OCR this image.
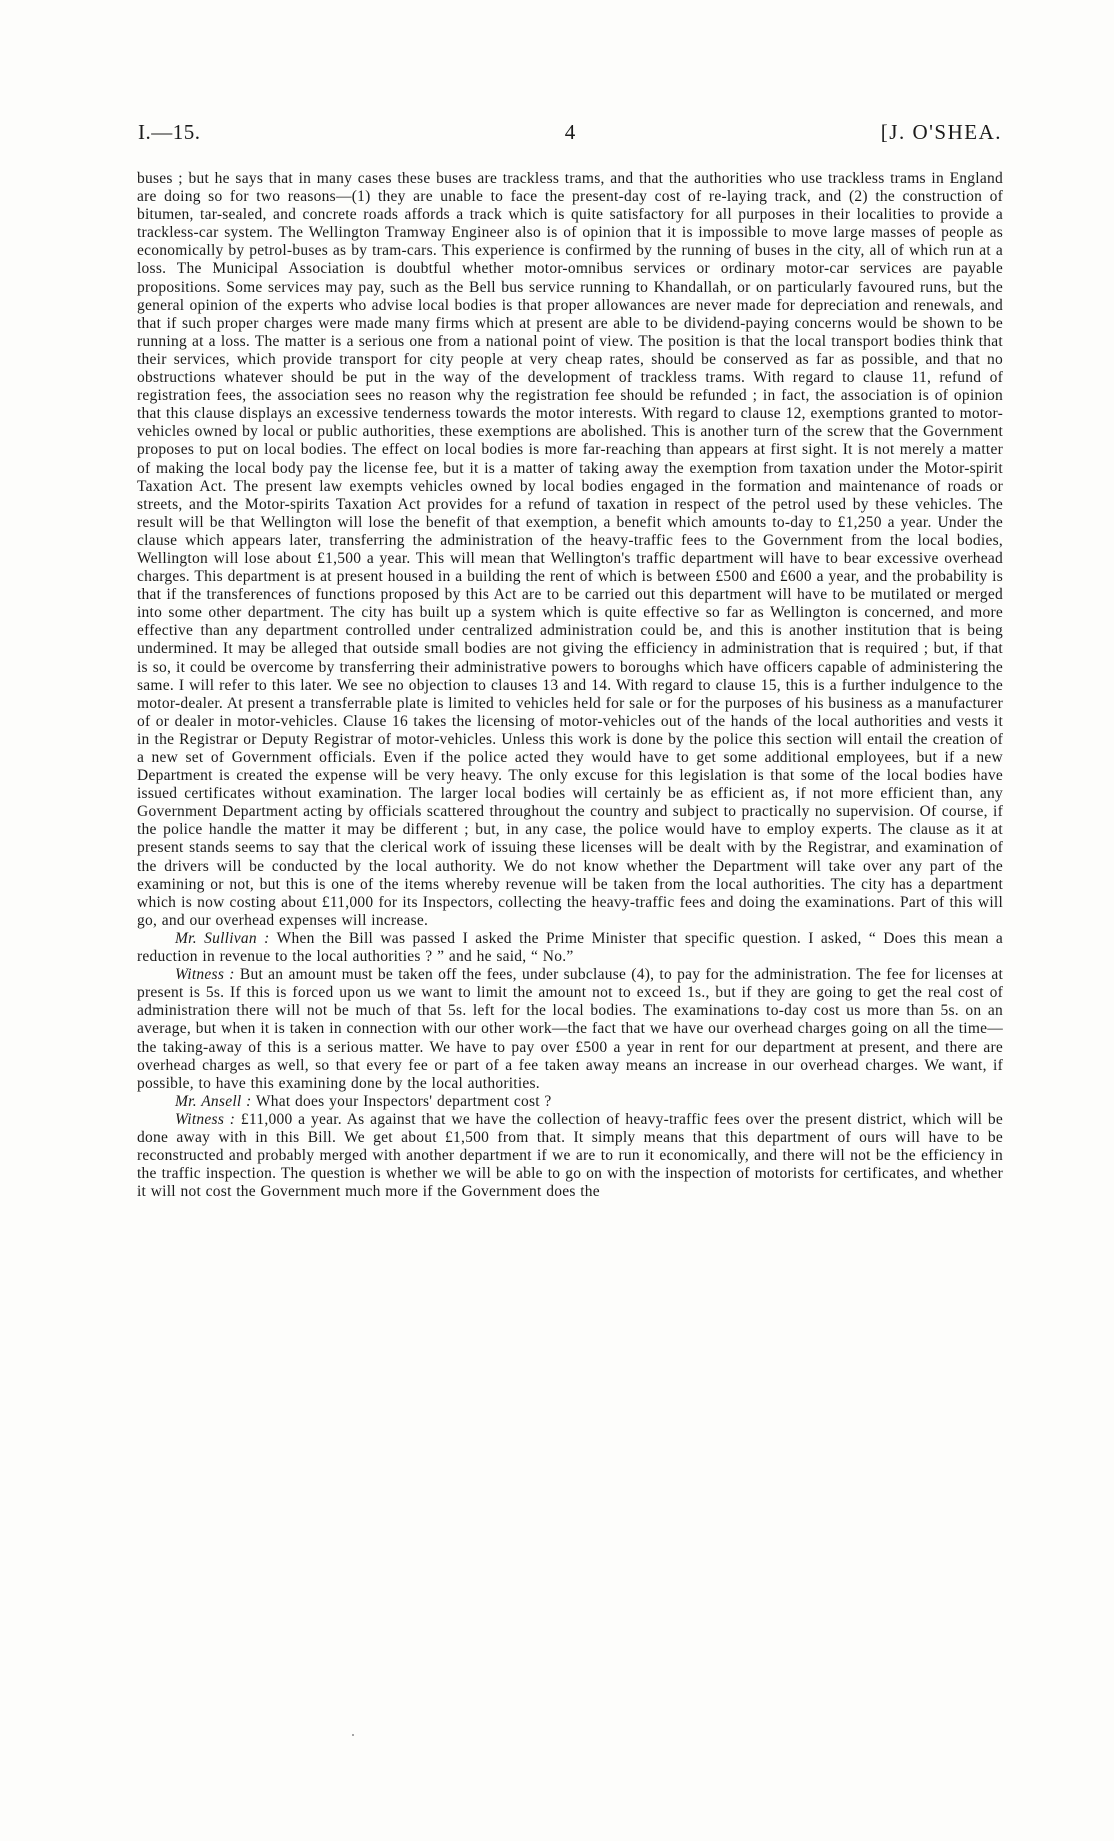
I.—15.	4	[J. O'SHEA.

buses ; but he says that in many cases these buses are trackless trams, and that the authorities who use trackless trams in England are doing so for two reasons—(1) they are unable to face the present-day cost of re-laying track, and (2) the construction of bitumen, tar-sealed, and concrete roads affords a track which is quite satisfactory for all purposes in their localities to provide a trackless-car system. The Wellington Tramway Engineer also is of opinion that it is impossible to move large masses of people as economically by petrol-buses as by tram-cars. This experience is confirmed by the running of buses in the city, all of which run at a loss. The Municipal Association is doubtful whether motor-omnibus services or ordinary motor-car services are payable propositions. Some services may pay, such as the Bell bus service running to Khandallah, or on particularly favoured runs, but the general opinion of the experts who advise local bodies is that proper allowances are never made for depreciation and renewals, and that if such proper charges were made many firms which at present are able to be dividend-paying concerns would be shown to be running at a loss. The matter is a serious one from a national point of view. The position is that the local transport bodies think that their services, which provide transport for city people at very cheap rates, should be conserved as far as possible, and that no obstructions whatever should be put in the way of the development of trackless trams. With regard to clause 11, refund of registration fees, the association sees no reason why the registration fee should be refunded ; in fact, the association is of opinion that this clause displays an excessive tenderness towards the motor interests. With regard to clause 12, exemptions granted to motor-vehicles owned by local or public authorities, these exemptions are abolished. This is another turn of the screw that the Government proposes to put on local bodies. The effect on local bodies is more far-reaching than appears at first sight. It is not merely a matter of making the local body pay the license fee, but it is a matter of taking away the exemption from taxation under the Motor-spirit Taxation Act. The present law exempts vehicles owned by local bodies engaged in the formation and maintenance of roads or streets, and the Motor-spirits Taxation Act provides for a refund of taxation in respect of the petrol used by these vehicles. The result will be that Wellington will lose the benefit of that exemption, a benefit which amounts to-day to £1,250 a year. Under the clause which appears later, transferring the administration of the heavy-traffic fees to the Government from the local bodies, Wellington will lose about £1,500 a year. This will mean that Wellington's traffic department will have to bear excessive overhead charges. This department is at present housed in a building the rent of which is between £500 and £600 a year, and the probability is that if the transferences of functions proposed by this Act are to be carried out this department will have to be mutilated or merged into some other department. The city has built up a system which is quite effective so far as Wellington is concerned, and more effective than any department controlled under centralized administration could be, and this is another institution that is being undermined. It may be alleged that outside small bodies are not giving the efficiency in administration that is required ; but, if that is so, it could be overcome by transferring their administrative powers to boroughs which have officers capable of administering the same. I will refer to this later. We see no objection to clauses 13 and 14. With regard to clause 15, this is a further indulgence to the motor-dealer. At present a transferrable plate is limited to vehicles held for sale or for the purposes of his business as a manufacturer of or dealer in motor-vehicles. Clause 16 takes the licensing of motor-vehicles out of the hands of the local authorities and vests it in the Registrar or Deputy Registrar of motor-vehicles. Unless this work is done by the police this section will entail the creation of a new set of Government officials. Even if the police acted they would have to get some additional employees, but if a new Department is created the expense will be very heavy. The only excuse for this legislation is that some of the local bodies have issued certificates without examination. The larger local bodies will certainly be as efficient as, if not more efficient than, any Government Department acting by officials scattered throughout the country and subject to practically no supervision. Of course, if the police handle the matter it may be different ; but, in any case, the police would have to employ experts. The clause as it at present stands seems to say that the clerical work of issuing these licenses will be dealt with by the Registrar, and examination of the drivers will be conducted by the local authority. We do not know whether the Department will take over any part of the examining or not, but this is one of the items whereby revenue will be taken from the local authorities. The city has a department which is now costing about £11,000 for its Inspectors, collecting the heavy-traffic fees and doing the examinations. Part of this will go, and our overhead expenses will increase.

Mr. Sullivan : When the Bill was passed I asked the Prime Minister that specific question. I asked, “ Does this mean a reduction in revenue to the local authorities ? ” and he said, “ No.”

Witness : But an amount must be taken off the fees, under subclause (4), to pay for the administration. The fee for licenses at present is 5s. If this is forced upon us we want to limit the amount not to exceed 1s., but if they are going to get the real cost of administration there will not be much of that 5s. left for the local bodies. The examinations to-day cost us more than 5s. on an average, but when it is taken in connection with our other work—the fact that we have our overhead charges going on all the time—the taking-away of this is a serious matter. We have to pay over £500 a year in rent for our department at present, and there are overhead charges as well, so that every fee or part of a fee taken away means an increase in our overhead charges. We want, if possible, to have this examining done by the local authorities.

Mr. Ansell : What does your Inspectors' department cost ?

Witness : £11,000 a year. As against that we have the collection of heavy-traffic fees over the present district, which will be done away with in this Bill. We get about £1,500 from that. It simply means that this department of ours will have to be reconstructed and probably merged with another department if we are to run it economically, and there will not be the efficiency in the traffic inspection. The question is whether we will be able to go on with the inspection of motorists for certificates, and whether it will not cost the Government much more if the Government does the
